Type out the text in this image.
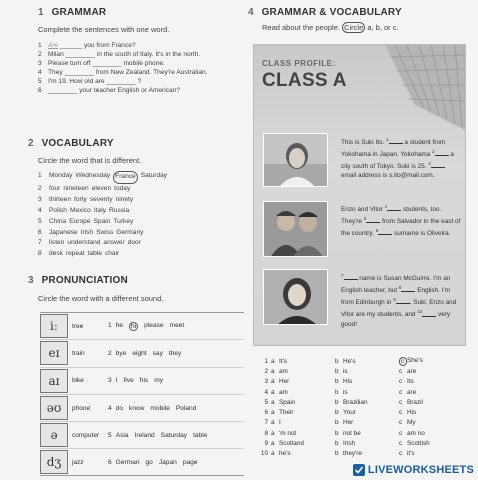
1 GRAMMAR
Complete the sentences with one word.
1 Are ______ you from France?
2 Milan ________ in the south of Italy. It's in the north.
3 Please turn off ________ mobile phone.
4 They ________ from New Zealand. They're Australian.
5 I'm 19. How old are ________ ?
6 ________ your teacher English or American?
2 VOCABULARY
Circle the word that is different.
1	Monday Wednesday France Saturday
2	four nineteen eleven today
3	thirteen forty seventy ninety
4	Polish Mexico Italy Russia
5	China Europe Spain Turkey
6	Japanese Irish Swiss Germany
7	listen understand answer door
8	desk repeat table chair
3 PRONUNCIATION
Circle the word with a different sound.
iː	tree	1 he	hi	please meet
eɪ	train	2 bye eight say they
aɪ	bike	3 I five his my
əʊ	phone	4 do know mobile Poland
ə	computer	5 Asia Ireland Saturday table
dʒ	jazz	6 German go Japan page
4 GRAMMAR & VOCABULARY
Read about the people. Circle a, b, or c.
CLASS PROFILE:
CLASS A
This is Suki Ito. $^1$ a student from Yokohama in Japan. Yokohama $^2$ a city south of Tokyo. Suki is 25. $^3$ email address is s.ito@mail.com.
Enzo and Vitor $^4$ students, too. They're $^5$ from Salvador in the east of the country. $^6$ surname is Oliveira.
$^7$ name is Susan McGuirre. I'm an English teacher, but $^8$ English. I'm from Edinburgh in $^9$ . Suki, Enzo and Vitor are my students, and $^{10}$ very good!
1 a It's	b He's	c She's
2 a am	b is	c are
3 a Her	b His	c Its
4 a am	b is	c are
5 a Spain	b Brazilian	c Brazil
6 a Their	b Your	c His
7 a I	b Her	c My
8 a 'm not	b not be	c am no
9 a Scotland	b Irish	c Scottish
10 a he's	b they're	c it's
LIVEWORKSHEETS
